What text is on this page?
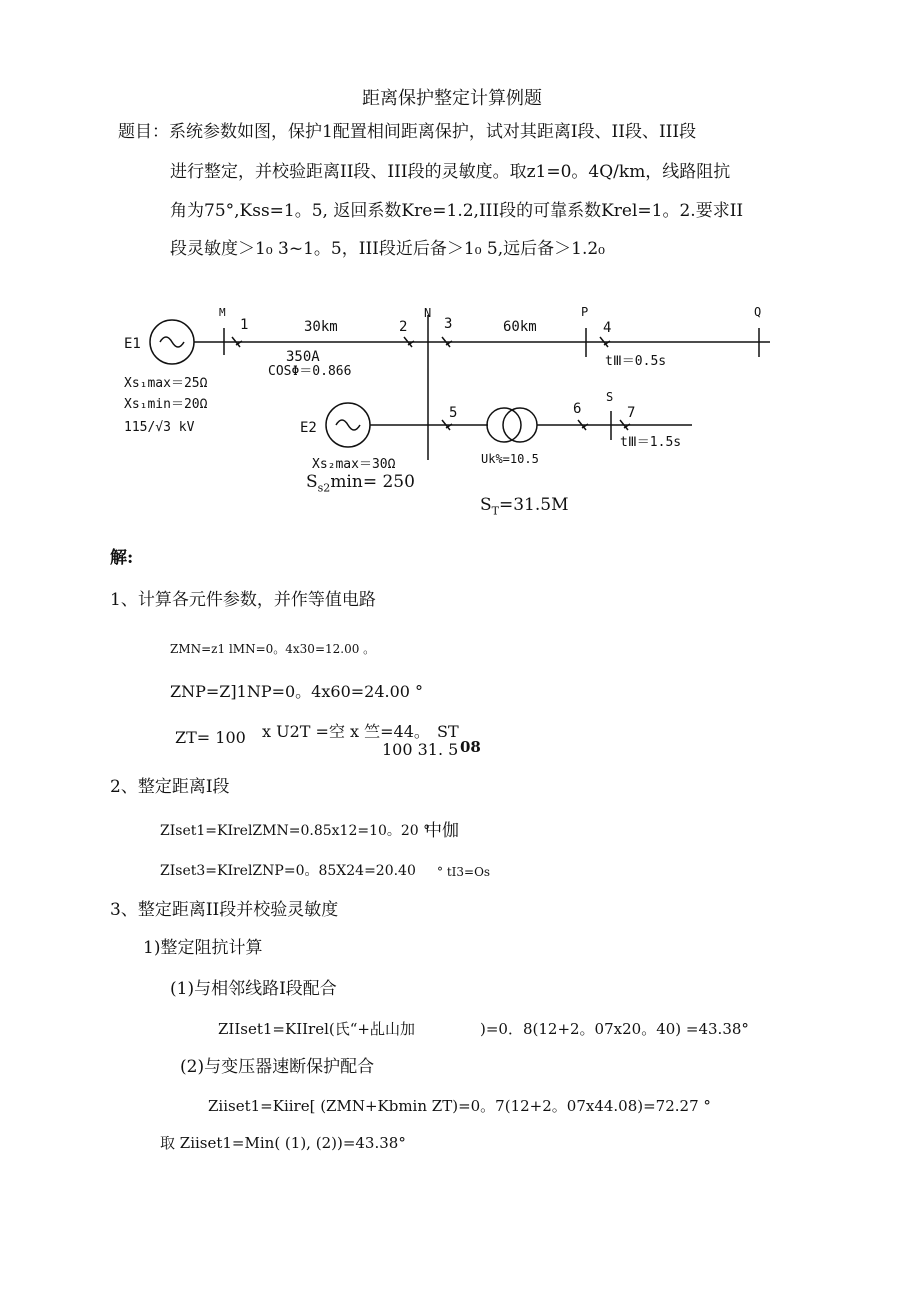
距离保护整定计算例题
题目：系统参数如图，保护1配置相间距离保护，试对其距离I段、II段、III段
进行整定，并校验距离II段、III段的灵敏度。取z1=0。4Q/km，线路阻抗
角为75°,Kss=1。5, 返回系数Kre=1.2,III段的可靠系数Krel=1。2.要求II
段灵敏度＞1₀ 3~1。5，III段近后备＞1₀ 5,远后备＞1.2₀
E1
M
1	30km	2
N
3	60km
P
4
Q
350A
COSΦ＝0.866
tⅢ＝0.5s
Xs₁max＝25Ω
Xs₁min＝20Ω
115/√3 kV	E2
5	6
S
7
Uk%=10.5
tⅢ＝1.5s
Xs₂max＝30Ω
$S_{s2}\min= 250$
$S_T=31.5M$
解:
1、计算各元件参数，并作等值电路
ZMN=z1 lMN=0。4x30=12.00 。
ZNP=Z]1NP=0。4x60=24.00 °
ZT= 100 x U2T =空 x 竺=44。 ST
100 31. 5 08
2、整定距离I段
ZIset1=KIrelZMN=0.85x12=10。20 °
中伽
ZIset3=KIrelZNP=0。85X24=20.40 ° tI3=Os
3、整定距离II段并校验灵敏度
1)整定阻抗计算
(1)与相邻线路I段配合
ZIIset1=KIIrel(氏“+乩山加	)=0．8(12+2。07x20。40) =43.38°
(2)与变压器速断保护配合
Ziiset1=Kiire[ (ZMN+Kbmin ZT)=0。7(12+2。07x44.08)=72.27 °
取 Ziiset1=Min( (1), (2))=43.38°
